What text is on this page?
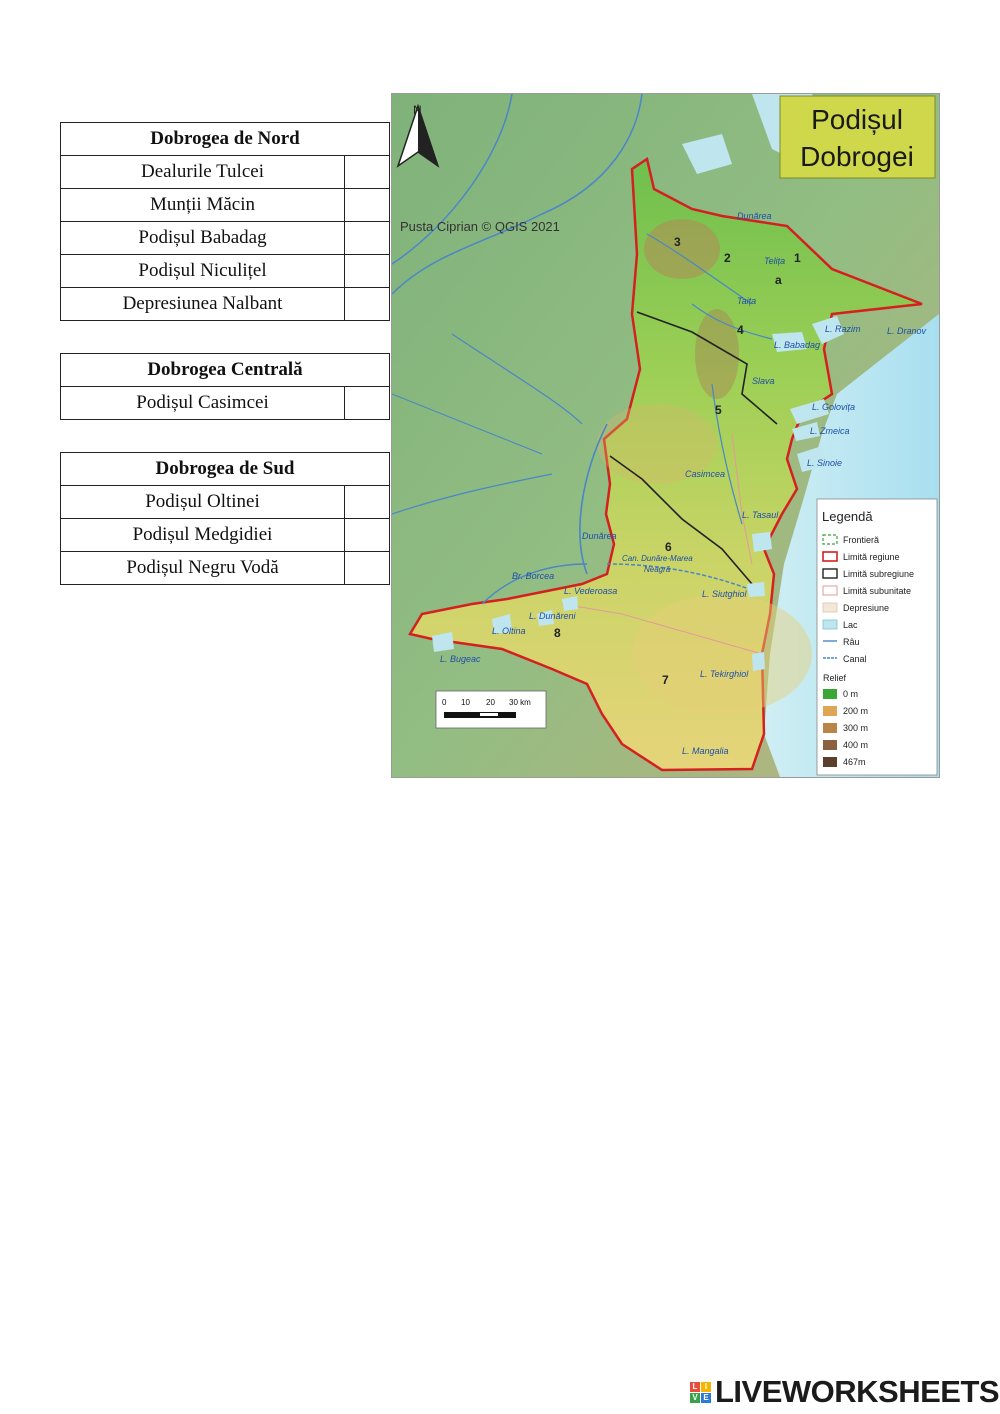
Dobrogea de Nord	
Dealurile Tulcei	
Munții Măcin	
Podișul Babadag	
Podișul Niculițel	
Depresiunea Nalbant	
Dobrogea Centrală
Podișul Casimcei	
Dobrogea de Sud	
Podișul Oltinei	
Podișul Medgidiei	
Podișul Negru Vodă	
1
2
3
4
5
6
7
8
a
Dunărea
Telița
Taița
L. Razim	L. Dranov
L. Babadag
Slava
L. Golovița
L. Zmeica
L. Sinoie
Casimcea
L. Tasaul
Can. Dunăre-Marea
Neagră
L. Siutghiol
Dunărea
Br. Borcea
L. Vederoasa
L. Dunăreni
L. Oltina
L. Bugeac
L. Tekirghiol
L. Mangalia
N
Pusta Ciprian © QGIS 2021
Podișul
Dobrogei
0 10 20 30 km
Legendă
Frontieră
Limită regiune
Limită subregiune
Limită subunitate
Depresiune
Lac
Râu
Canal
Relief
0 m
200 m
300 m
400 m
467m
L I
V E LIVEWORKSHEETS
